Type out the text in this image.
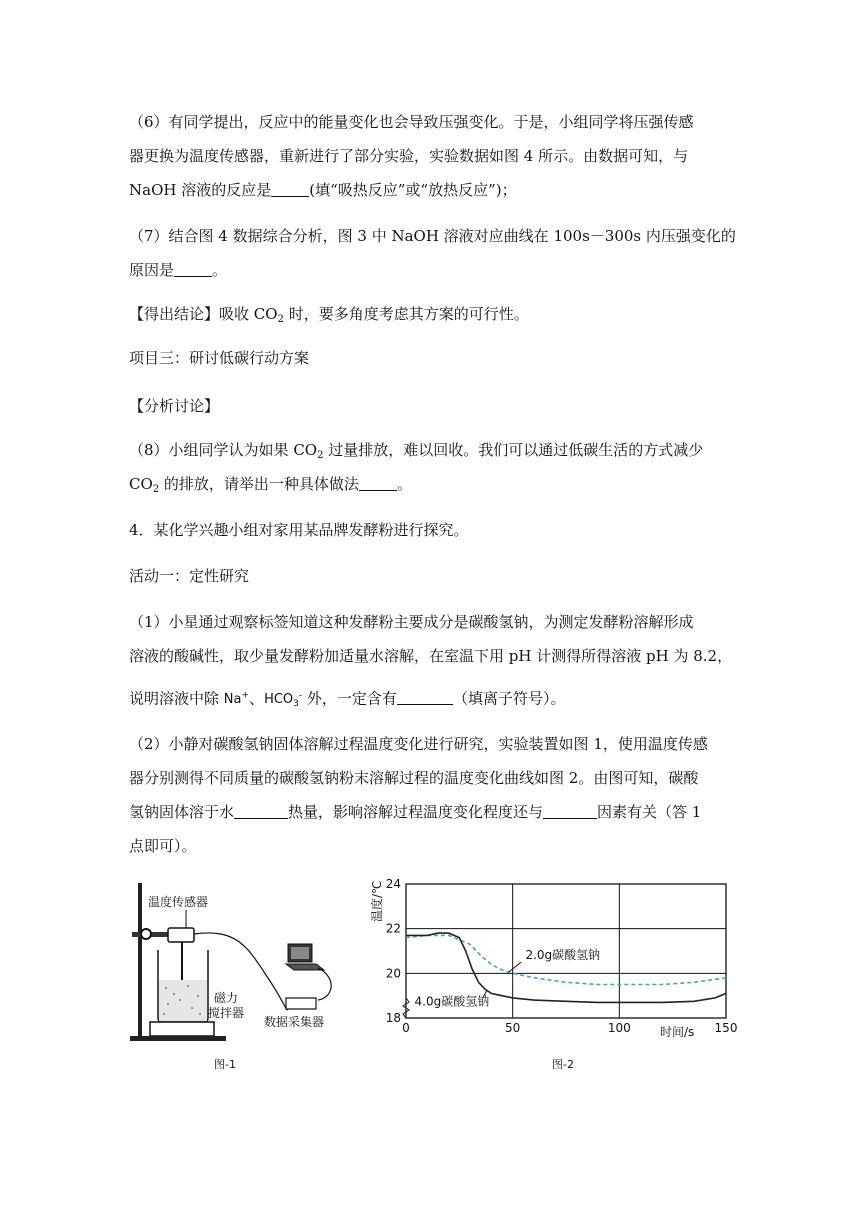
（6）有同学提出，反应中的能量变化也会导致压强变化。于是，小组同学将压强传感
器更换为温度传感器，重新进行了部分实验，实验数据如图 4 所示。由数据可知，与
NaOH 溶液的反应是	(填“吸热反应”或“放热反应”)；
（7）结合图 4 数据综合分析，图 3 中 NaOH 溶液对应曲线在 100s－300s 内压强变化的
原因是	。
【得出结论】吸收 $CO_2$ 时，要多角度考虑其方案的可行性。
项目三：研讨低碳行动方案
【分析讨论】
（8）小组同学认为如果 $CO_2$ 过量排放，难以回收。我们可以通过低碳生活的方式减少
$CO_2$ 的排放，请举出一种具体做法	。
4．某化学兴趣小组对家用某品牌发酵粉进行探究。
活动一：定性研究
（1）小星通过观察标签知道这种发酵粉主要成分是碳酸氢钠，为测定发酵粉溶解形成
溶液的酸碱性，取少量发酵粉加适量水溶解，在室温下用 pH 计测得所得溶液 pH 为 8.2，
说明溶液中除 Na+、$HCO_3^-$ 外，一定含有	（填离子符号）。
（2）小静对碳酸氢钠固体溶解过程温度变化进行研究，实验装置如图 1，使用温度传感
器分别测得不同质量的碳酸氢钠粉末溶解过程的温度变化曲线如图 2。由图可知，碳酸
氢钠固体溶于水	热量，影响溶解过程温度变化程度还与	因素有关（答 1
点即可）。
温度传感器
磁力
搅拌器
数据采集器
图-1
0	50	100	150
18
20
22
24
温度/℃
时间/s
2.0g碳酸氢钠
4.0g碳酸氢钠
图-2
